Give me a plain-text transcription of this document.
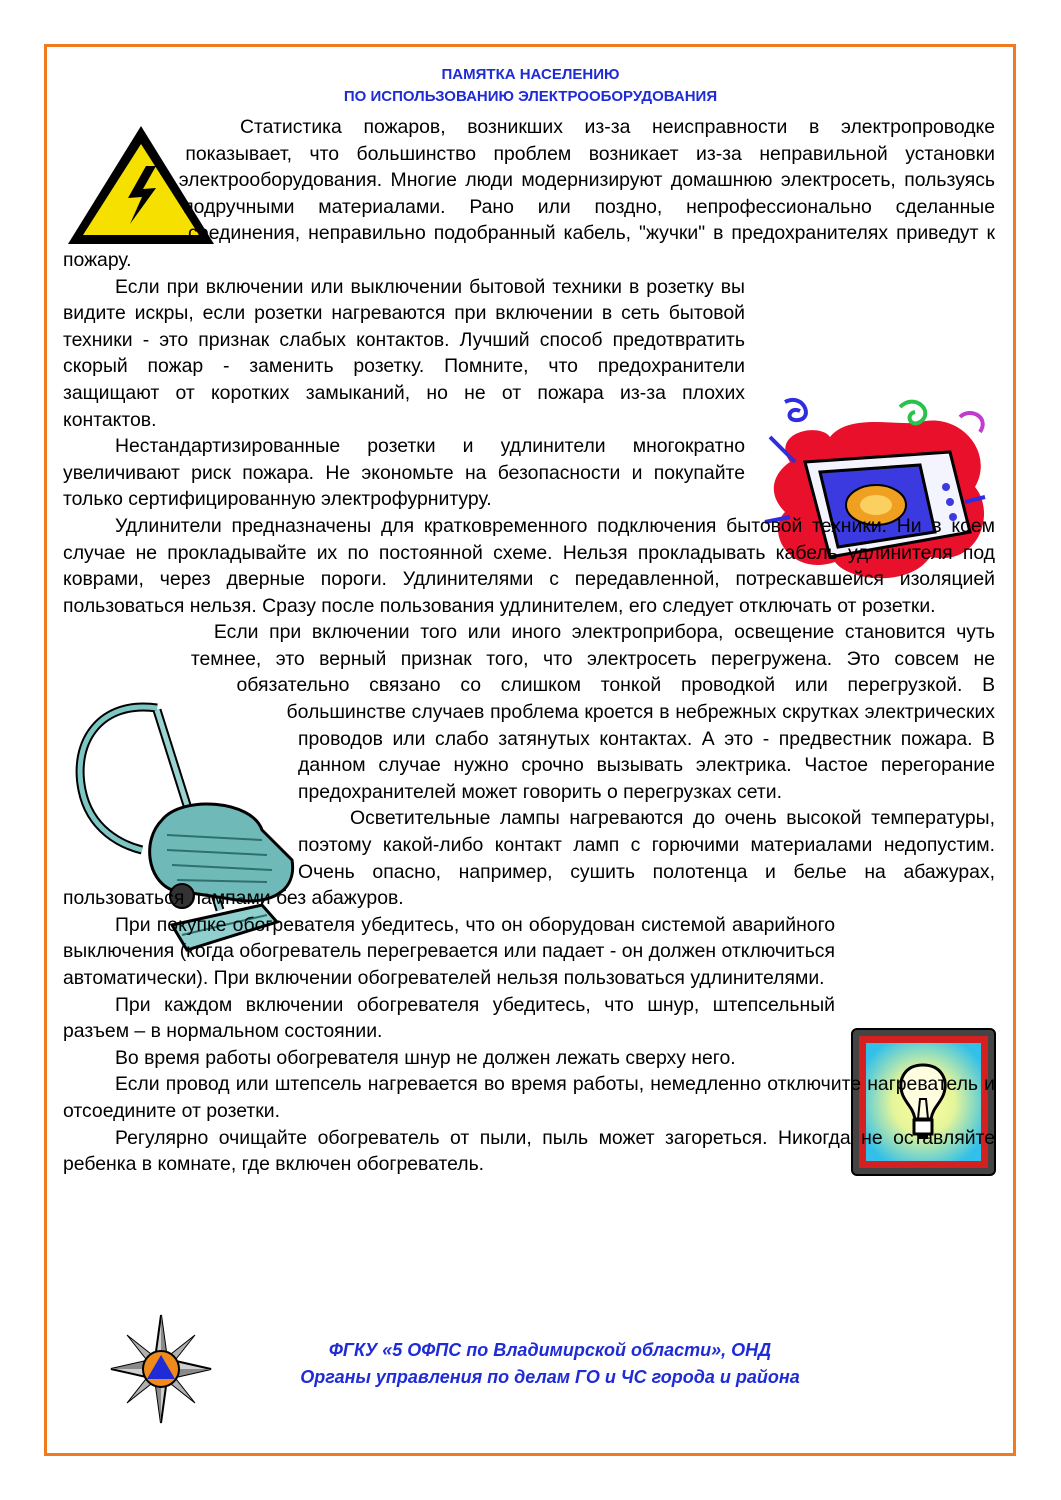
ПАМЯТКА НАСЕЛЕНИЮ
ПО ИСПОЛЬЗОВАНИЮ ЭЛЕКТРООБОРУДОВАНИЯ

Статистика пожаров, возникших из-за неисправности в электропроводке показывает, что большинство проблем возникает из-за неправильной установки электрооборудования. Многие люди модернизируют домашнюю электросеть, пользуясь подручными материалами. Рано или поздно, непрофессионально сделанные соединения, неправильно подобранный кабель, "жучки" в предохранителях приведут к пожару.

Если при включении или выключении бытовой техники в розетку вы видите искры, если розетки нагреваются при включении в сеть бытовой техники - это признак слабых контактов. Лучший способ предотвратить скорый пожар - заменить розетку. Помните, что предохранители защищают от коротких замыканий, но не от пожара из-за плохих контактов.

Нестандартизированные розетки и удлинители многократно увеличивают риск пожара. Не экономьте на безопасности и покупайте только сертифицированную электрофурнитуру.

Удлинители предназначены для кратковременного подключения бытовой техники. Ни в коем случае не прокладывайте их по постоянной схеме. Нельзя прокладывать кабель удлинителя под коврами, через дверные пороги. Удлинителями с передавленной, потрескавшейся изоляцией пользоваться нельзя. Сразу после пользования удлинителем, его следует отключать от розетки.

Если при включении того или иного электроприбора, освещение становится чуть темнее, это верный признак того, что электросеть перегружена. Это совсем не обязательно связано со слишком тонкой проводкой или перегрузкой. В большинстве случаев проблема кроется в небрежных скрутках электрических проводов или слабо затянутых контактах. А это - предвестник пожара. В данном случае нужно срочно вызывать электрика. Частое перегорание предохранителей может говорить о перегрузках сети.

Осветительные лампы нагреваются до очень высокой температуры, поэтому какой-либо контакт ламп с горючими материалами недопустим. Очень опасно, например, сушить полотенца и белье на абажурах, пользоваться лампами без абажуров.

При покупке обогревателя убедитесь, что он оборудован системой аварийного выключения (когда обогреватель перегревается или падает - он должен отключиться автоматически). При включении обогревателей нельзя пользоваться удлинителями.

При каждом включении обогревателя убедитесь, что шнур, штепсельный разъем – в нормальном состоянии.

Во время работы обогревателя шнур не должен лежать сверху него.

Если провод или штепсель нагревается во время работы, немедленно отключите нагреватель и отсоедините от розетки.

Регулярно очищайте обогреватель от пыли, пыль может загореться. Никогда не оставляйте ребенка в комнате, где включен обогреватель.

ФГКУ «5 ОФПС по Владимирской области», ОНД
Органы управления по делам ГО и ЧС города и района
